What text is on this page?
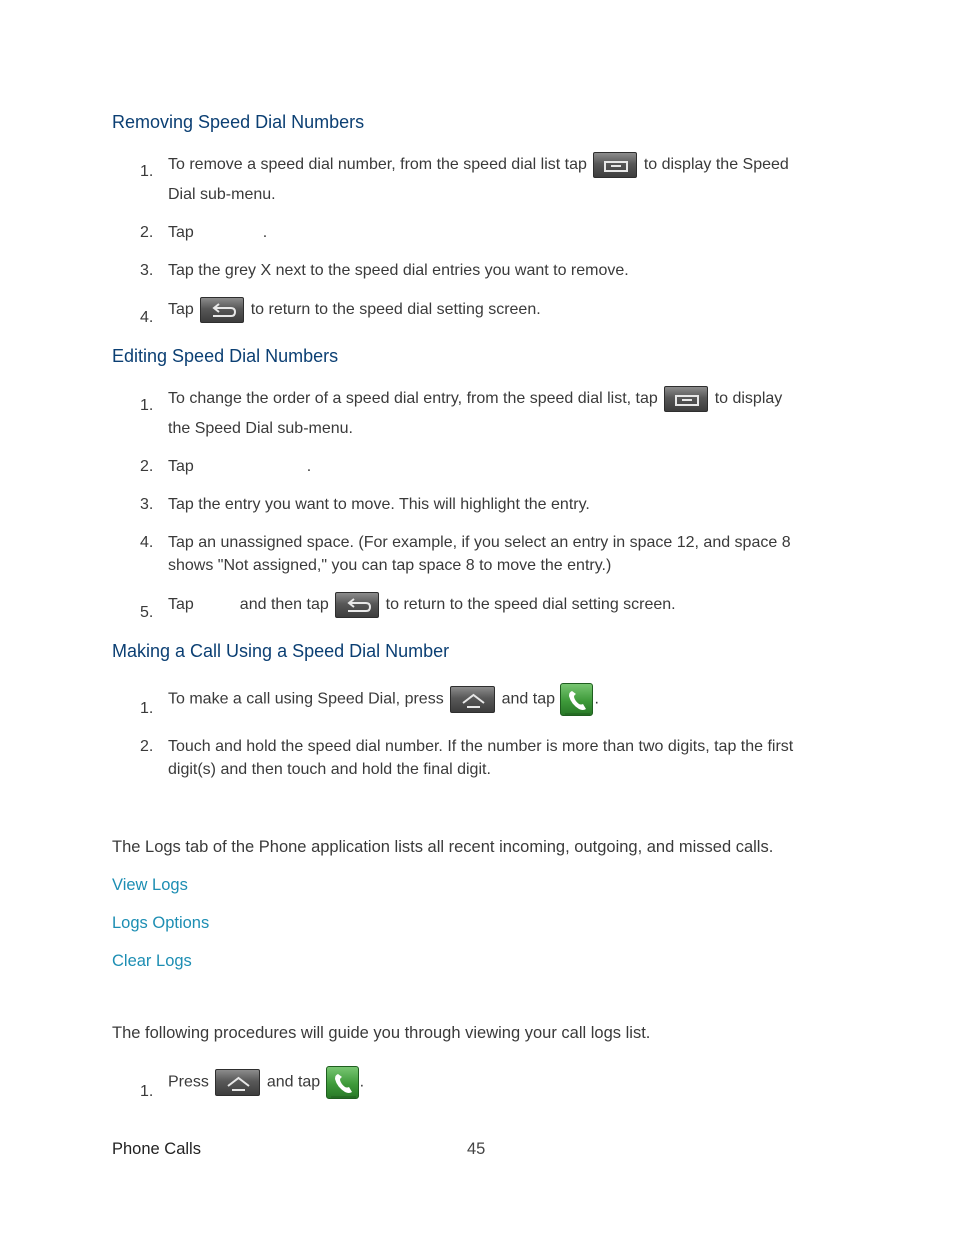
Removing Speed Dial Numbers
1. To remove a speed dial number, from the speed dial list tap	to display the Speed
Dial sub-menu.
2. Tap	.
3. Tap the grey X next to the speed dial entries you want to remove.
4. Tap	to return to the speed dial setting screen.
Editing Speed Dial Numbers
1. To change the order of a speed dial entry, from the speed dial list, tap	to display
the Speed Dial sub-menu.
2. Tap	.
3. Tap the entry you want to move. This will highlight the entry.
4. Tap an unassigned space. (For example, if you select an entry in space 12, and space 8
shows "Not assigned," you can tap space 8 to move the entry.)
5. Tap	and then tap	to return to the speed dial setting screen.
Making a Call Using a Speed Dial Number
1.
To make a call using Speed Dial, press	and tap .
2. Touch and hold the speed dial number. If the number is more than two digits, tap the first
digit(s) and then touch and hold the final digit.
The Logs tab of the Phone application lists all recent incoming, outgoing, and missed calls.
View Logs
Logs Options
Clear Logs
The following procedures will guide you through viewing your call logs list.
1.
Press	and tap .
Phone Calls	45
